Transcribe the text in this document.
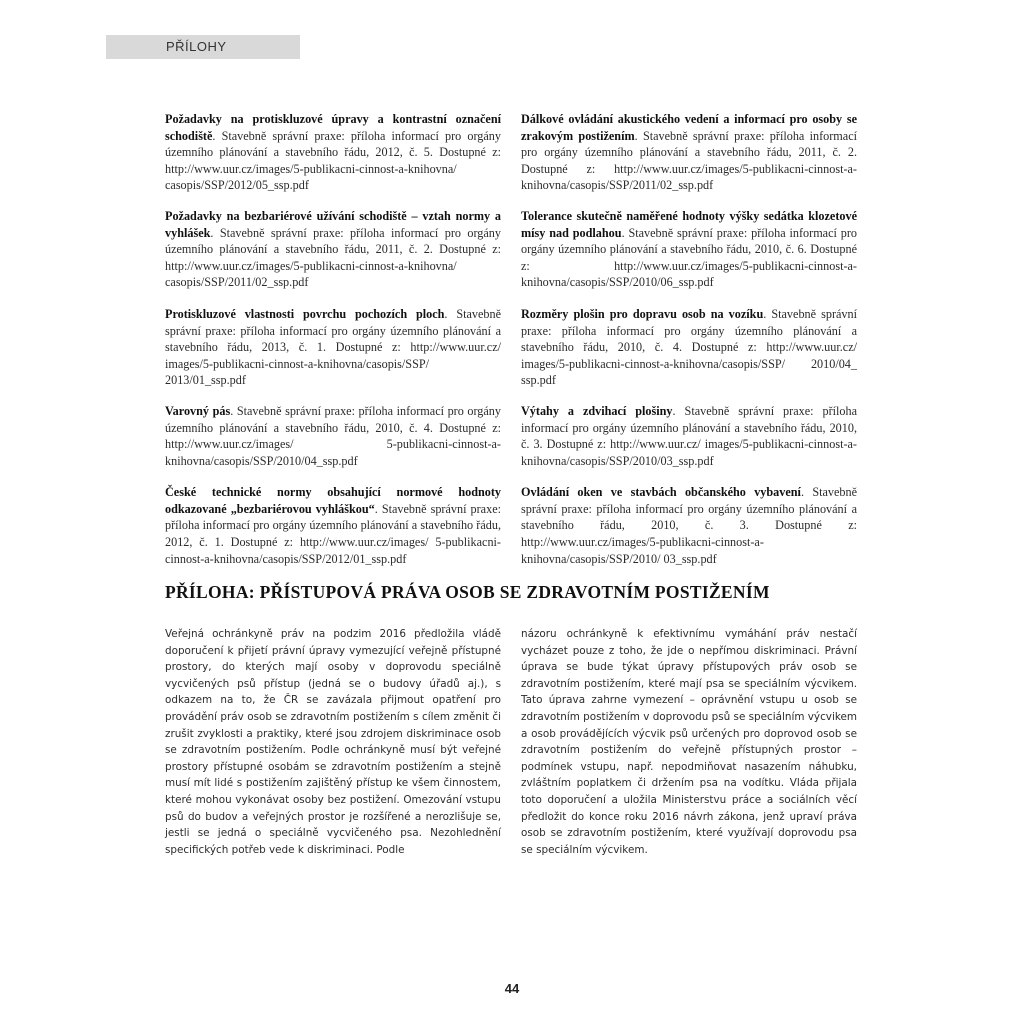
PŘÍLOHY
Požadavky na protiskluzové úpravy a kontrastní označení schodiště. Stavebně správní praxe: příloha informací pro orgány územního plánování a stavebního řádu, 2012, č. 5. Dostupné z: http://www.uur.cz/images/5-publikacni-cinnost-a-knihovna/ casopis/SSP/2012/05_ssp.pdf
Požadavky na bezbariérové užívání schodiště – vztah normy a vyhlášek. Stavebně správní praxe: příloha informací pro orgány územního plánování a stavebního řádu, 2011, č. 2. Dostupné z: http://www.uur.cz/images/5-publikacni-cinnost-a-knihovna/ casopis/SSP/2011/02_ssp.pdf
Protiskluzové vlastnosti povrchu pochozích ploch. Stavebně správní praxe: příloha informací pro orgány územního plánování a stavebního řádu, 2013, č. 1. Dostupné z: http://www.uur.cz/ images/5-publikacni-cinnost-a-knihovna/casopis/SSP/ 2013/01_ssp.pdf
Varovný pás. Stavebně správní praxe: příloha informací pro orgány územního plánování a stavebního řádu, 2010, č. 4. Dostupné z: http://www.uur.cz/images/ 5-publikacni-cinnost-a-knihovna/casopis/SSP/2010/04_ssp.pdf
České technické normy obsahující normové hodnoty odkazované „bezbariérovou vyhláškou“. Stavebně správní praxe: příloha informací pro orgány územního plánování a stavebního řádu, 2012, č. 1. Dostupné z: http://www.uur.cz/images/ 5-publikacni-cinnost-a-knihovna/casopis/SSP/2012/01_ssp.pdf
Dálkové ovládání akustického vedení a informací pro osoby se zrakovým postižením. Stavebně správní praxe: příloha informací pro orgány územního plánování a stavebního řádu, 2011, č. 2. Dostupné z: http://www.uur.cz/images/5-publikacni-cinnost-a-knihovna/casopis/SSP/2011/02_ssp.pdf
Tolerance skutečně naměřené hodnoty výšky sedátka klozetové mísy nad podlahou. Stavebně správní praxe: příloha informací pro orgány územního plánování a stavebního řádu, 2010, č. 6. Dostupné z: http://www.uur.cz/images/5-publikacni-cinnost-a-knihovna/casopis/SSP/2010/06_ssp.pdf
Rozměry plošin pro dopravu osob na vozíku. Stavebně správní praxe: příloha informací pro orgány územního plánování a stavebního řádu, 2010, č. 4. Dostupné z: http://www.uur.cz/ images/5-publikacni-cinnost-a-knihovna/casopis/SSP/ 2010/04_ ssp.pdf
Výtahy a zdvihací plošiny. Stavebně správní praxe: příloha informací pro orgány územního plánování a stavebního řádu, 2010, č. 3. Dostupné z: http://www.uur.cz/ images/5-publikacni-cinnost-a-knihovna/casopis/SSP/2010/03_ssp.pdf
Ovládání oken ve stavbách občanského vybavení. Stavebně správní praxe: příloha informací pro orgány územního plánování a stavebního řádu, 2010, č. 3. Dostupné z: http://www.uur.cz/images/5-publikacni-cinnost-a-knihovna/casopis/SSP/2010/ 03_ssp.pdf
PŘÍLOHA: PŘÍSTUPOVÁ PRÁVA OSOB SE ZDRAVOTNÍM POSTIŽENÍM

Veřejná ochránkyně práv na podzim 2016 předložila vládě doporučení k přijetí právní úpravy vymezující veřejně přístupné prostory, do kterých mají osoby v doprovodu speciálně vycvičených psů přístup (jedná se o budovy úřadů aj.), s odkazem na to, že ČR se zavázala přijmout opatření pro provádění práv osob se zdravotním postižením s cílem změnit či zrušit zvyklosti a praktiky, které jsou zdrojem diskriminace osob se zdravotním postižením. Podle ochránkyně musí být veřejné prostory přístupné osobám se zdravotním postižením a stejně musí mít lidé s postižením zajištěný přístup ke všem činnostem, které mohou vykonávat osoby bez postižení. Omezování vstupu psů do budov a veřejných prostor je rozšířené a nerozlišuje se, jestli se jedná o speciálně vycvičeného psa. Nezohlednění specifických potřeb vede k diskriminaci. Podle

názoru ochránkyně k efektivnímu vymáhání práv nestačí vycházet pouze z toho, že jde o nepřímou diskriminaci. Právní úprava se bude týkat úpravy přístupových práv osob se zdravotním postižením, které mají psa se speciálním výcvikem. Tato úprava zahrne vymezení – oprávnění vstupu u osob se zdravotním postižením v doprovodu psů se speciálním výcvikem a osob provádějících výcvik psů určených pro doprovod osob se zdravotním postižením do veřejně přístupných prostor – podmínek vstupu, např. nepodmiňovat nasazením náhubku, zvláštním poplatkem či držením psa na vodítku. Vláda přijala toto doporučení a uložila Ministerstvu práce a sociálních věcí předložit do konce roku 2016 návrh zákona, jenž upraví práva osob se zdravotním postižením, které využívají doprovodu psa se speciálním výcvikem.

44
